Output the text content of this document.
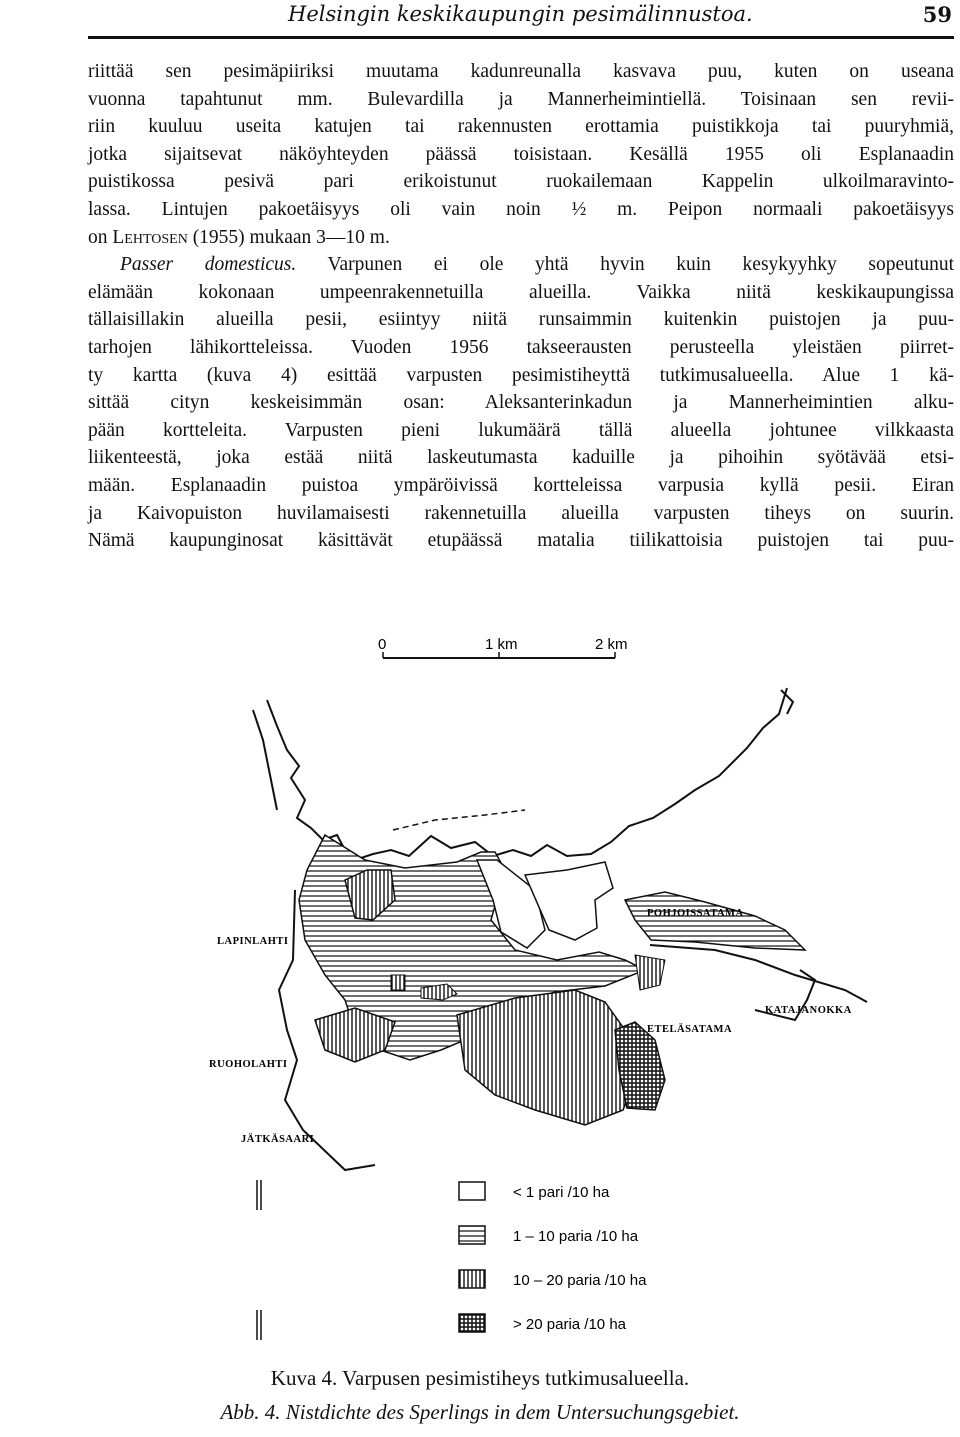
Helsingin keskikaupungin pesimälinnustoa.	59
riittää sen pesimäpiiriksi muutama kadunreunalla kasvava puu, kuten on useana
vuonna tapahtunut mm. Bulevardilla ja Mannerheimintiellä. Toisinaan sen revii-
riin kuuluu useita katujen tai rakennusten erottamia puistikkoja tai puuryhmiä,
jotka sijaitsevat näköyhteyden päässä toisistaan. Kesällä 1955 oli Esplanaadin
puistikossa pesivä pari erikoistunut ruokailemaan Kappelin ulkoilmaravinto-
lassa. Lintujen pakoetäisyys oli vain noin ½ m. Peipon normaali pakoetäisyys
on Lehtosen (1955) mukaan 3—10 m.
Passer domesticus. Varpunen ei ole yhtä hyvin kuin kesykyyhky sopeutunut
elämään kokonaan umpeenrakennetuilla alueilla. Vaikka niitä keskikaupungissa
tällaisillakin alueilla pesii, esiintyy niitä runsaimmin kuitenkin puistojen ja puu-
tarhojen lähikortteleissa. Vuoden 1956 takseerausten perusteella yleistäen piirret-
ty kartta (kuva 4) esittää varpusten pesimistiheyttä tutkimusalueella. Alue 1 kä-
sittää cityn keskeisimmän osan: Aleksanterinkadun ja Mannerheimintien alku-
pään kortteleita. Varpusten pieni lukumäärä tällä alueella johtunee vilkkaasta
liikenteestä, joka estää niitä laskeutumasta kaduille ja pihoihin syötävää etsi-
mään. Esplanaadin puistoa ympäröivissä kortteleissa varpusia kyllä pesii. Eiran
ja Kaivopuiston huvilamaisesti rakennetuilla alueilla varpusten tiheys on suurin.
Nämä kaupunginosat käsittävät etupäässä matalia tiilikattoisia puistojen tai puu-
0	1 km	2 km
POHJOISSATAMA
LAPINLAHTI
KATAJANOKKA
ETELÄSATAMA
RUOHOLAHTI
JÄTKÄSAARI
< 1 pari /10 ha
1 – 10 paria /10 ha
10 – 20 paria /10 ha
> 20 paria /10 ha
Kuva 4. Varpusen pesimistiheys tutkimusalueella.
Abb. 4. Nistdichte des Sperlings in dem Untersuchungsgebiet.
